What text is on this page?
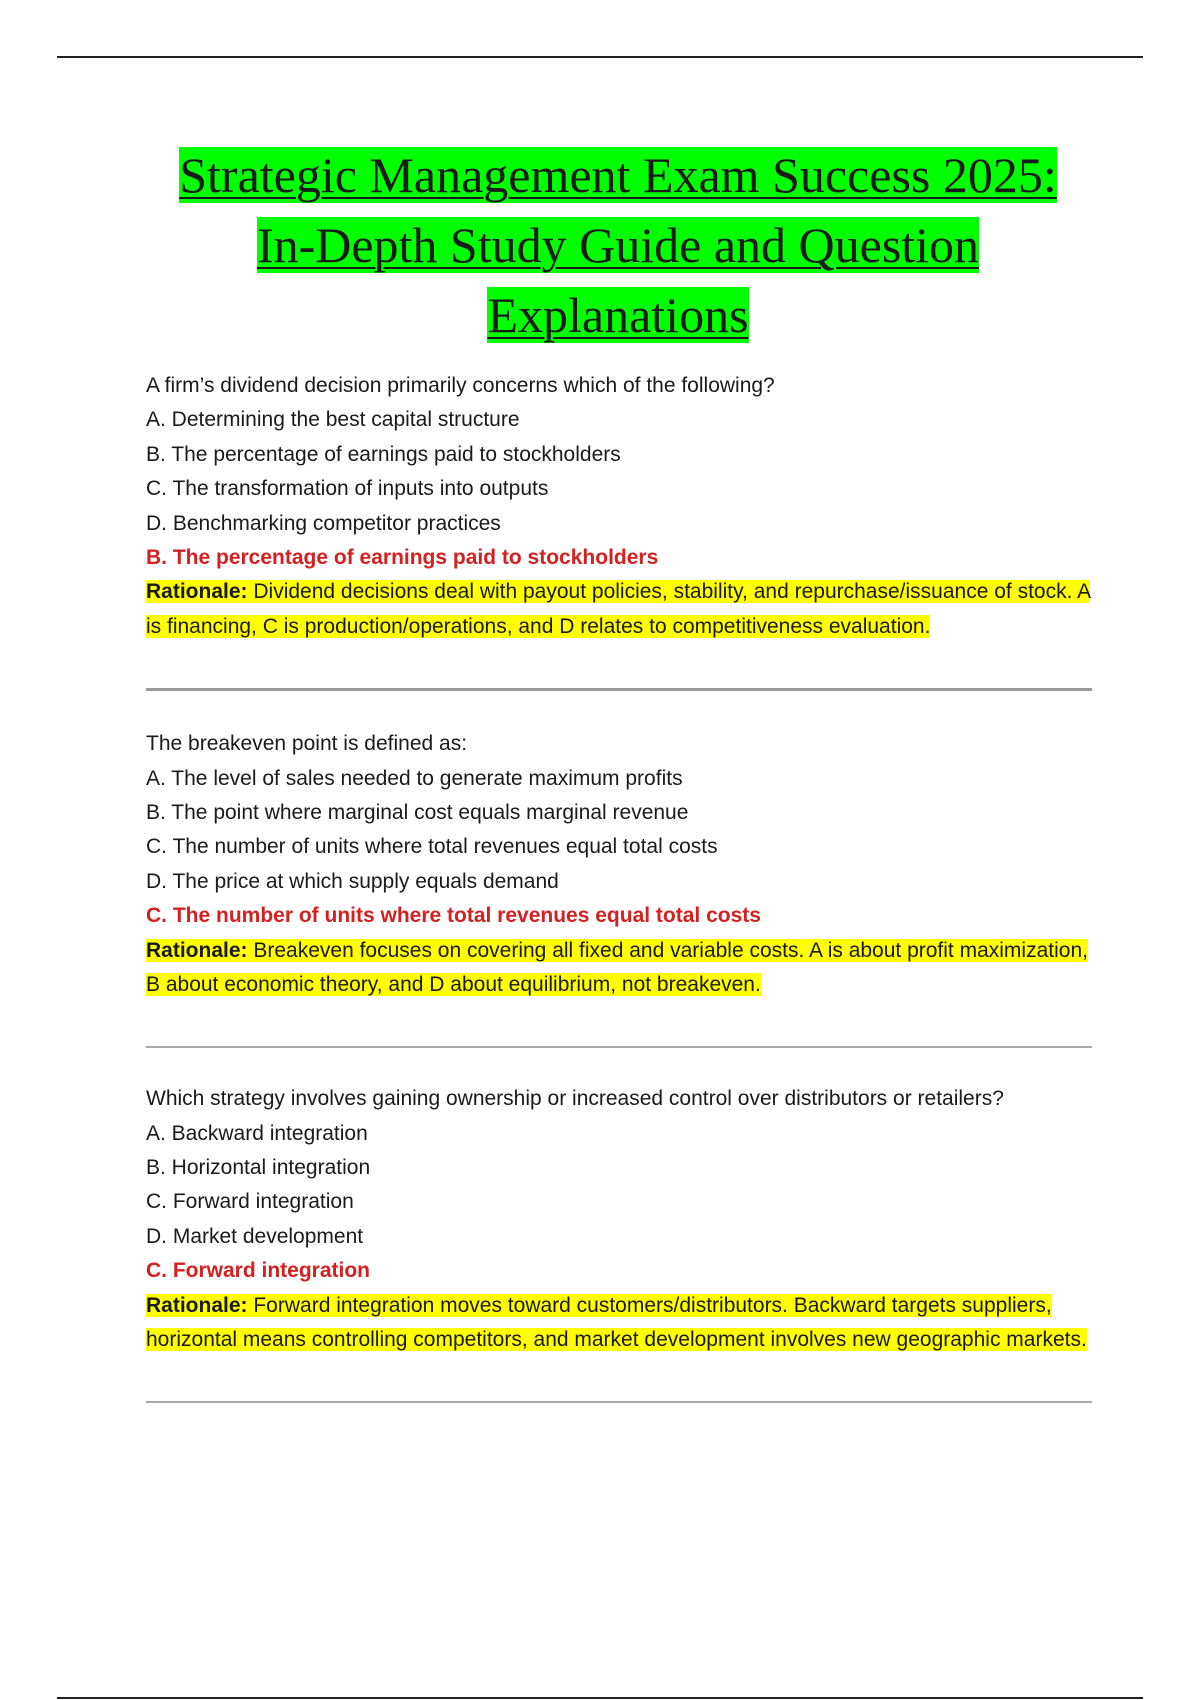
Strategic Management Exam Success 2025:
In-Depth Study Guide and Question
Explanations
A firm’s dividend decision primarily concerns which of the following?
A. Determining the best capital structure
B. The percentage of earnings paid to stockholders
C. The transformation of inputs into outputs
D. Benchmarking competitor practices
B. The percentage of earnings paid to stockholders
Rationale: Dividend decisions deal with payout policies, stability, and repurchase/issuance of stock. A is financing, C is production/operations, and D relates to competitiveness evaluation.
The breakeven point is defined as:
A. The level of sales needed to generate maximum profits
B. The point where marginal cost equals marginal revenue
C. The number of units where total revenues equal total costs
D. The price at which supply equals demand
C. The number of units where total revenues equal total costs
Rationale: Breakeven focuses on covering all fixed and variable costs. A is about profit maximization, B about economic theory, and D about equilibrium, not breakeven.
Which strategy involves gaining ownership or increased control over distributors or retailers?
A. Backward integration
B. Horizontal integration
C. Forward integration
D. Market development
C. Forward integration
Rationale: Forward integration moves toward customers/distributors. Backward targets suppliers, horizontal means controlling competitors, and market development involves new geographic markets.
